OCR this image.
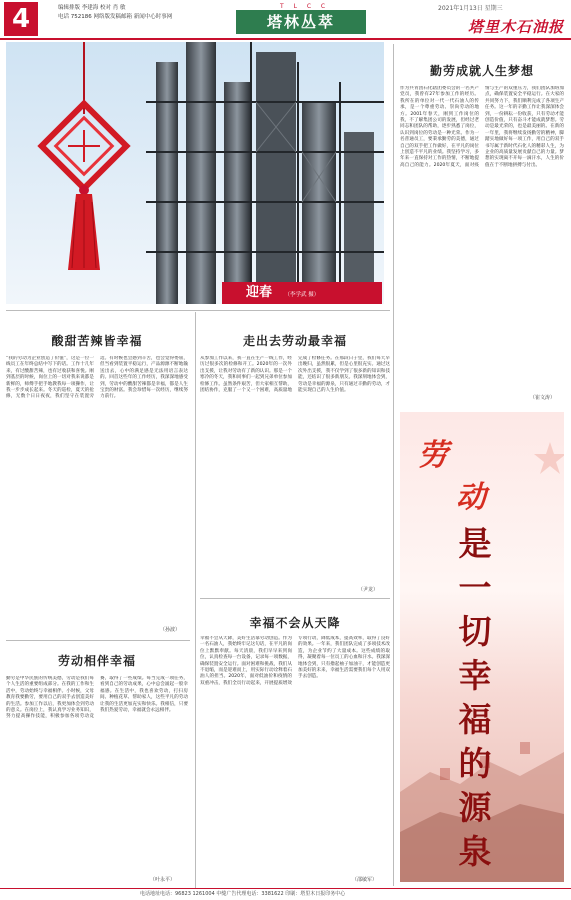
4	编辑排版 李建海 校对 肖 敏
电话 752186 网络版发稿邮箱 新闻中心时事网
T L C C
塔林丛萃
2021年1月13日 星期三
塔里木石油报
迎春 （李学武 摄）
勤劳成就人生梦想
作为共青团石化辖团委员会的一名共产党员，我曾有27年参加工作的经历。我所在的单位对一代一代石油人的传承，是一个尊重劳动、崇尚劳动的地方。2001年春天，刚到工作岗位的我，不了解集团公司的发展，但经过老同志和团队的帮助，逐步熟悉了岗位，认识到岗位的劳动是一种光荣。作为一名普通员工，要秉承勤劳的美德，通过自己的双手把工作做好，在平凡的岗位上创造不平凡的业绩。我坚持学习，多年来一直保持对工作的热情，不断地提高自己的能力。2020年夏天，面对疫情与生产的双重压力，我们团队加班加点，确保装置安全平稳运行。在大家的共同努力下，我们顺利完成了各项生产任务。这一年的辛勤工作让我深深体会到，一份耕耘一份收获，只有劳动才能创造价值，只有奋斗才能成就梦想。劳动是最光荣的，也是最美丽的。在新的一年里，我将继续发扬勤劳的精神，脚踏实地做好每一项工作，用自己的双手书写属于新时代石化人的精彩人生，为企业的高质量发展贡献自己的力量。梦想的实现离不开每一滴汗水，人生的价值在于不断地拼搏与付出。
（崔文涛）
酸甜苦辣皆幸福
“我的劳动为企业创造了价值”，这是一位一线员工在年终总结中写下的话。工作十几年来，有过酸甜苦辣，也有过收获和喜悦。刚到基层的时候，岗位上的一切对我来说都是新鲜的，师傅手把手地教我每一项操作，让我一步步成长起来。冬天的巡检，夏天的抢修，无数个日日夜夜，我们坚守在装置旁边。有时候也会感到辛苦，也会觉得委屈，但当看到装置平稳运行，产品源源不断地输送出去，心中的满足感是无法用语言表达的。回首这些年的工作经历，我深深地感受到，劳动中的酸甜苦辣都是幸福，都是人生宝贵的财富。我会珍惜每一次经历，继续努力前行。
（孙波）
走出去劳动最幸福
从参加工作以来，我一直在生产一线工作，经历过很多次的检修和开工。2020年的一次外出支援，让我对劳动有了新的认识。那是一个寒冷的冬天，我和同事们一起到兄弟单位参加检修工作。虽然条件艰苦，但大家相互帮助，团结协作，克服了一个又一个困难，高质量地完成了检修任务。在那段日子里，我们每天早出晚归，虽然很累，但是心里很充实。通过这次外出支援，我不仅学到了很多新的知识和技能，还结识了很多新朋友。我深刻地体会到，劳动是幸福的源泉，只有通过辛勤的劳动，才能实现自己的人生价值。
（尹龙）
幸福不会从天降
幸福不会从天降，美好生活靠劳动创造。作为一名石油人，我始终牢记这句话，在平凡的岗位上默默奉献。每天清晨，我们早早来到岗位，认真检查每一台设备，记录每一项数据，确保装置安全运行。面对困难和挑战，我们从不退缩，而是迎难而上，用实际行动诠释着石油人的担当。2020年，面对低油价和疫情的双重冲击，我们全员行动起来，开展提质增效专项行动，降低成本，提高效率，取得了良好的效果。一年来，我们团队完成了多项技术改造，为企业节约了大量成本。这些成绩的取得，凝聚着每一位员工的心血和汗水。我深深地体会到，只有撸起袖子加油干，才能创造更加美好的未来，幸福生活需要我们每个人用双手去创造。
（邵敏军）
劳动相伴幸福
勤劳是中华民族的传统美德，劳动是我们每个人生活的重要组成部分。在我的工作和生活中，劳动始终与幸福相伴。小时候，父母教育我要勤劳，要用自己的双手去创造美好的生活。参加工作以后，我更加体会到劳动的意义。在岗位上，我认真学习业务知识，努力提高操作技能，积极参加各项劳动竞赛，取得了一些成绩。每当完成一项任务，看到自己的劳动成果，心中总会涌起一股幸福感。在生活中，我也喜欢劳动，打扫房间、种植花草、帮助家人，这些平凡的劳动让我的生活更加充实和快乐。我相信，只要我们热爱劳动，幸福就会永远相伴。
（叶永平）
劳
动
是一切幸福的源泉
电话地址电话：96823 1261004 中缝广告代理电话：3381622 印刷：塔里木日报印务中心
